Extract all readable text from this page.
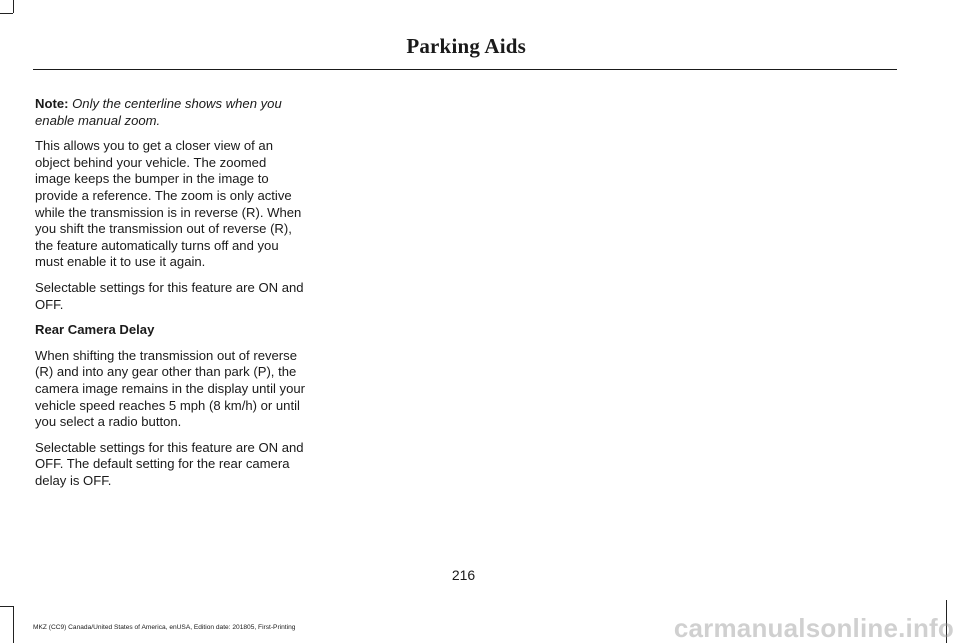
Parking Aids

Note: Only the centerline shows when you enable manual zoom.

This allows you to get a closer view of an object behind your vehicle. The zoomed image keeps the bumper in the image to provide a reference. The zoom is only active while the transmission is in reverse (R). When you shift the transmission out of reverse (R), the feature automatically turns off and you must enable it to use it again.

Selectable settings for this feature are ON and OFF.

Rear Camera Delay

When shifting the transmission out of reverse (R) and into any gear other than park (P), the camera image remains in the display until your vehicle speed reaches 5 mph (8 km/h) or until you select a radio button.

Selectable settings for this feature are ON and OFF. The default setting for the rear camera delay is OFF.

216
MKZ (CC9) Canada/United States of America, enUSA, Edition date: 201805, First-Printing	carmanualsonline.info
